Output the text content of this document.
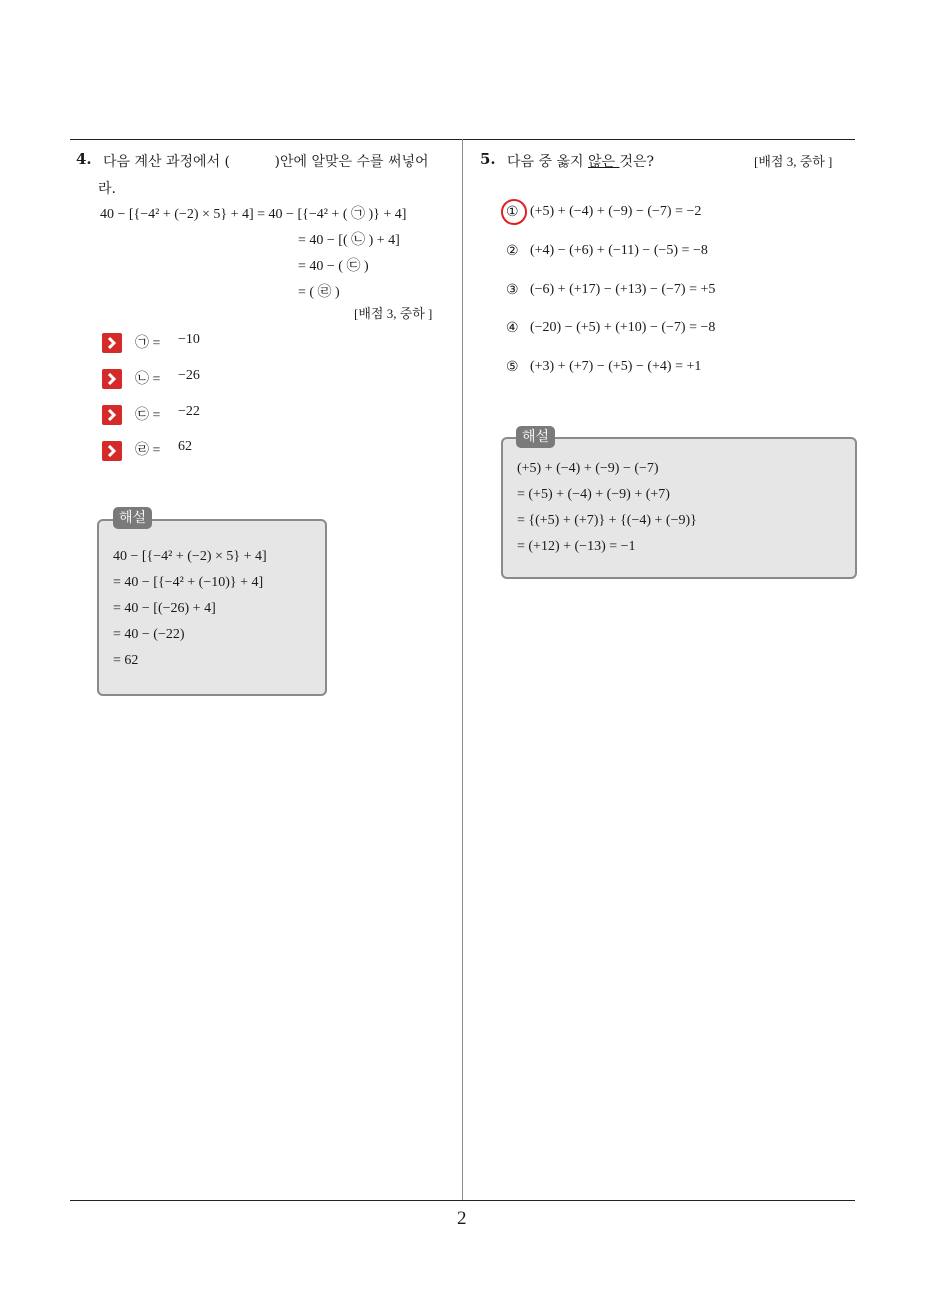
4. 다음 계산 과정에서 (          )안에 알맞은 수를 써넣어
라.
40 − [{−4² + (−2) × 5} + 4] = 40 − [{−4² + ( ㉠ )} + 4]
= 40 − [( ㉡ ) + 4]
= 40 − ( ㉢ )
= ( ㉣ )
[배점 3, 중하 ]
㉠ = −10
㉡ = −26
㉢ = −22
㉣ = 62
40 − [{−4² + (−2) × 5} + 4]
= 40 − [{−4² + (−10)} + 4]
= 40 − [(−26) + 4]
= 40 − (−22)
= 62
해설
5. 다음 중 옳지 않은 것은?	[배점 3, 중하 ]
① (+5) + (−4) + (−9) − (−7) = −2
② (+4) − (+6) + (−11) − (−5) = −8
③ (−6) + (+17) − (+13) − (−7) = +5
④ (−20) − (+5) + (+10) − (−7) = −8
⑤ (+3) + (+7) − (+5) − (+4) = +1
(+5) + (−4) + (−9) − (−7)
= (+5) + (−4) + (−9) + (+7)
= {(+5) + (+7)} + {(−4) + (−9)}
= (+12) + (−13) = −1
해설
2
